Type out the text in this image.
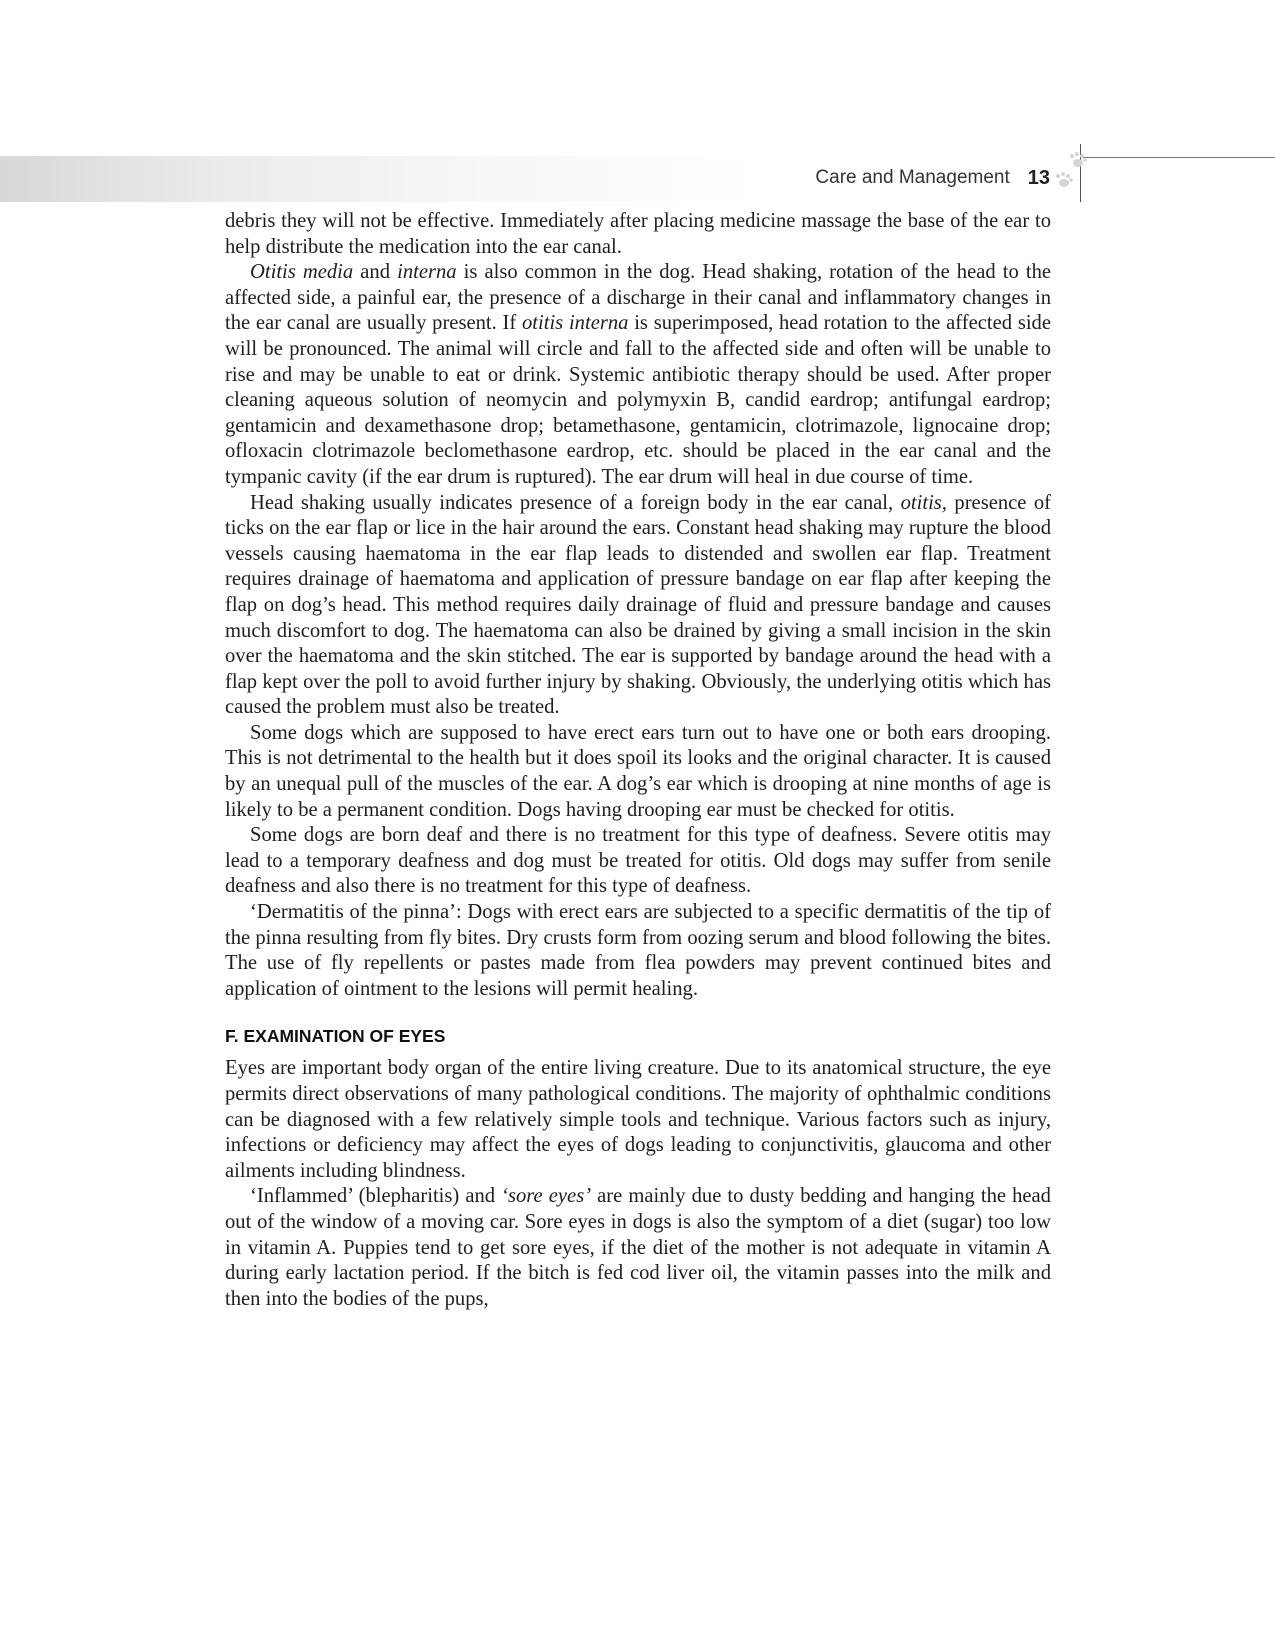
Care and Management 13

debris they will not be effective. Immediately after placing medicine massage the base of the ear to help distribute the medication into the ear canal.

Otitis media and interna is also common in the dog. Head shaking, rotation of the head to the affected side, a painful ear, the presence of a discharge in their canal and inflammatory changes in the ear canal are usually present. If otitis interna is superimposed, head rotation to the affected side will be pronounced. The animal will circle and fall to the affected side and often will be unable to rise and may be unable to eat or drink. Systemic antibiotic therapy should be used. After proper cleaning aqueous solution of neomycin and polymyxin B, candid eardrop; antifungal eardrop; gentamicin and dexamethasone drop; betamethasone, gentamicin, clotrimazole, lignocaine drop; ofloxacin clotrimazole beclomethasone eardrop, etc. should be placed in the ear canal and the tympanic cavity (if the ear drum is ruptured). The ear drum will heal in due course of time.

Head shaking usually indicates presence of a foreign body in the ear canal, otitis, presence of ticks on the ear flap or lice in the hair around the ears. Constant head shaking may rupture the blood vessels causing haematoma in the ear flap leads to distended and swollen ear flap. Treatment requires drainage of haematoma and application of pressure bandage on ear flap after keeping the flap on dog’s head. This method requires daily drainage of fluid and pressure bandage and causes much discomfort to dog. The haematoma can also be drained by giving a small incision in the skin over the haematoma and the skin stitched. The ear is supported by bandage around the head with a flap kept over the poll to avoid further injury by shaking. Obviously, the underlying otitis which has caused the problem must also be treated.

Some dogs which are supposed to have erect ears turn out to have one or both ears drooping. This is not detrimental to the health but it does spoil its looks and the original character. It is caused by an unequal pull of the muscles of the ear. A dog’s ear which is drooping at nine months of age is likely to be a permanent condition. Dogs having drooping ear must be checked for otitis.

Some dogs are born deaf and there is no treatment for this type of deafness. Severe otitis may lead to a temporary deafness and dog must be treated for otitis. Old dogs may suffer from senile deafness and also there is no treatment for this type of deafness.

‘Dermatitis of the pinna’: Dogs with erect ears are subjected to a specific dermatitis of the tip of the pinna resulting from fly bites. Dry crusts form from oozing serum and blood following the bites. The use of fly repellents or pastes made from flea powders may prevent continued bites and application of ointment to the lesions will permit healing.

F. EXAMINATION OF EYES

Eyes are important body organ of the entire living creature. Due to its anatomical structure, the eye permits direct observations of many pathological conditions. The majority of ophthalmic conditions can be diagnosed with a few relatively simple tools and technique. Various factors such as injury, infections or deficiency may affect the eyes of dogs leading to conjunctivitis, glaucoma and other ailments including blindness.

‘Inflammed’ (blepharitis) and ‘sore eyes’ are mainly due to dusty bedding and hanging the head out of the window of a moving car. Sore eyes in dogs is also the symptom of a diet (sugar) too low in vitamin A. Puppies tend to get sore eyes, if the diet of the mother is not adequate in vitamin A during early lactation period. If the bitch is fed cod liver oil, the vitamin passes into the milk and then into the bodies of the pups,
